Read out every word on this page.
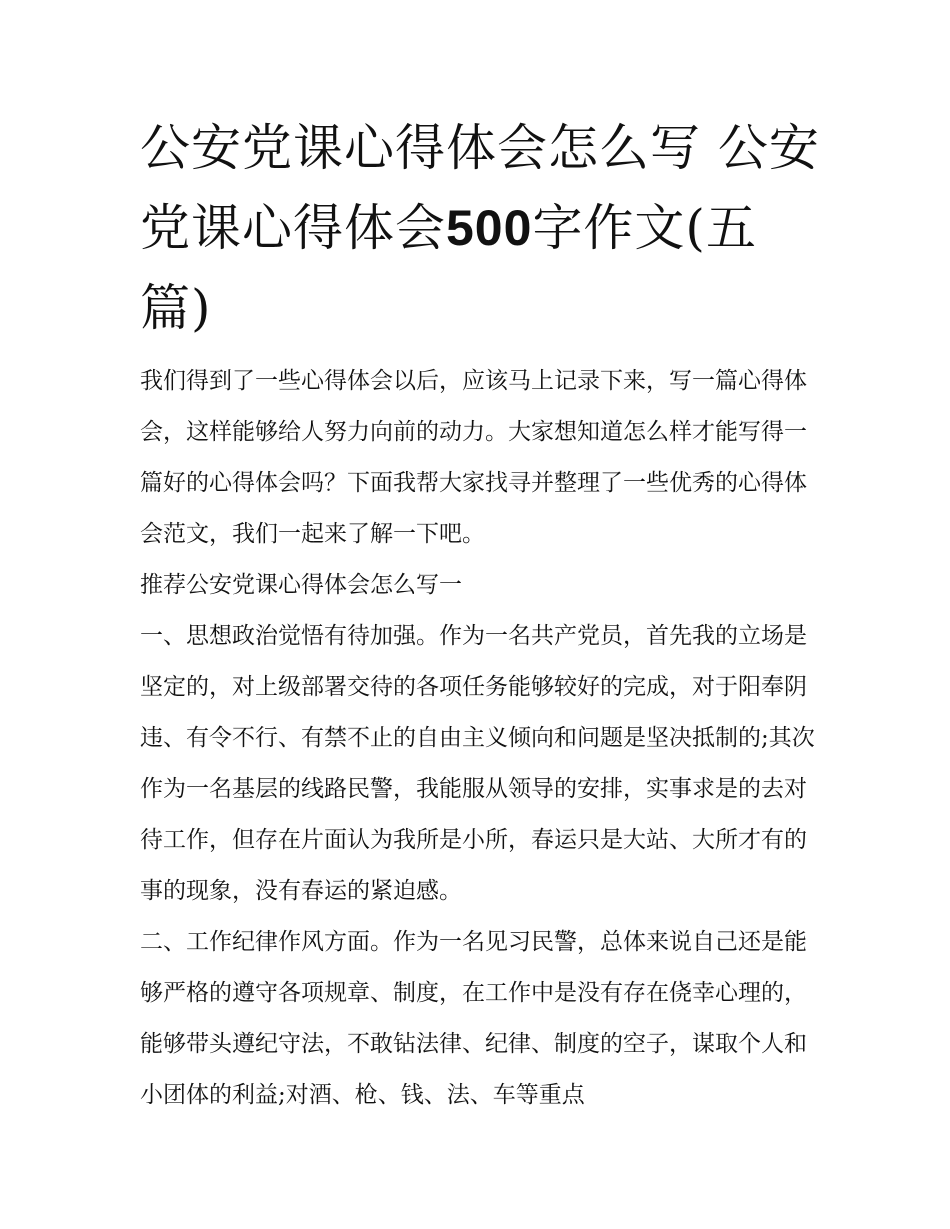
公安党课心得体会怎么写 公安党课心得体会500字作文(五篇)

我们得到了一些心得体会以后，应该马上记录下来，写一篇心得体会，这样能够给人努力向前的动力。大家想知道怎么样才能写得一篇好的心得体会吗？下面我帮大家找寻并整理了一些优秀的心得体会范文，我们一起来了解一下吧。

推荐公安党课心得体会怎么写一

一、思想政治觉悟有待加强。作为一名共产党员，首先我的立场是坚定的，对上级部署交待的各项任务能够较好的完成，对于阳奉阴违、有令不行、有禁不止的自由主义倾向和问题是坚决抵制的;其次作为一名基层的线路民警，我能服从领导的安排，实事求是的去对待工作，但存在片面认为我所是小所，春运只是大站、大所才有的事的现象，没有春运的紧迫感。

二、工作纪律作风方面。作为一名见习民警，总体来说自己还是能够严格的遵守各项规章、制度，在工作中是没有存在侥幸心理的，能够带头遵纪守法，不敢钻法律、纪律、制度的空子，谋取个人和小团体的利益;对酒、枪、钱、法、车等重点
